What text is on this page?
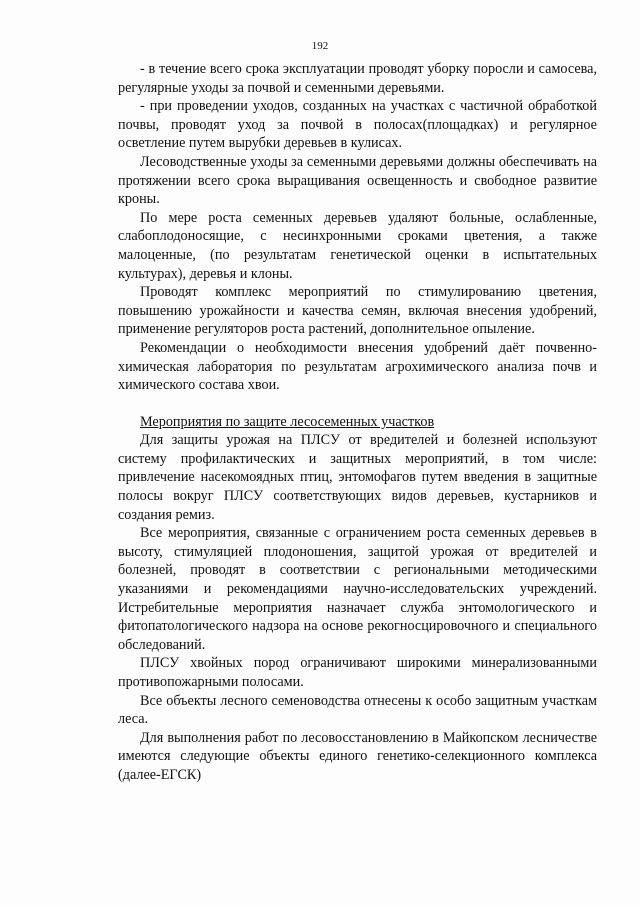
192

- в течение всего срока эксплуатации проводят уборку поросли и самосева, регулярные уходы за почвой и семенными деревьями.

- при проведении уходов, созданных на участках с частичной обработкой почвы, проводят уход за почвой в полосах(площадках) и регулярное осветление путем вырубки деревьев в кулисах.

Лесоводственные уходы за семенными деревьями должны обеспечивать на протяжении всего срока выращивания освещенность и свободное развитие кроны.

По мере роста семенных деревьев удаляют больные, ослабленные, слабоплодоносящие, с несинхронными сроками цветения, а также малоценные, (по результатам генетической оценки в испытательных культурах), деревья и клоны.

Проводят комплекс мероприятий по стимулированию цветения, повышению урожайности и качества семян, включая внесения удобрений, применение регуляторов роста растений, дополнительное опыление.

Рекомендации о необходимости внесения удобрений даёт почвенно-химическая лаборатория по результатам агрохимического анализа почв и химического состава хвои.

Мероприятия по защите лесосеменных участков

Для защиты урожая на ПЛСУ от вредителей и болезней используют систему профилактических и защитных мероприятий, в том числе: привлечение насекомоядных птиц, энтомофагов путем введения в защитные полосы вокруг ПЛСУ соответствующих видов деревьев, кустарников и создания ремиз.

Все мероприятия, связанные с ограничением роста семенных деревьев в высоту, стимуляцией плодоношения, защитой урожая от вредителей и болезней, проводят в соответствии с региональными методическими указаниями и рекомендациями научно-исследовательских учреждений. Истребительные мероприятия назначает служба энтомологического и фитопатологического надзора на основе рекогносцировочного и специального обследований.

ПЛСУ хвойных пород ограничивают широкими минерализованными противопожарными полосами.

Все объекты лесного семеноводства отнесены к особо защитным участкам леса.

Для выполнения работ по лесовосстановлению в Майкопском лесничестве имеются следующие объекты единого генетико-селекционного комплекса (далее-ЕГСК)
